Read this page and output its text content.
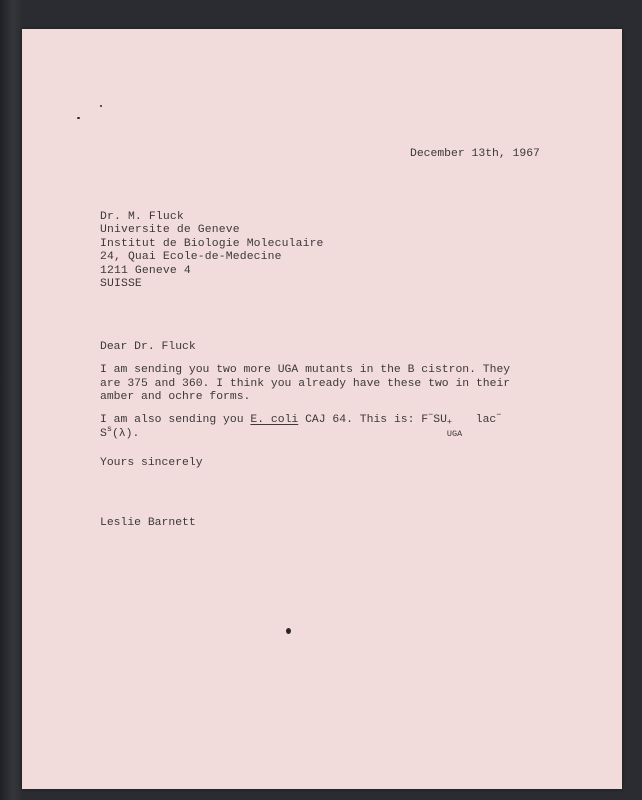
December 13th, 1967
Dr. M. Fluck
Universite de Geneve
Institut de Biologie Moleculaire
24, Quai Ecole-de-Medecine
1211 Geneve 4
SUISSE
Dear Dr. Fluck
I am sending you two more UGA mutants in the B cistron. They
are 375 and 360. I think you already have these two in their
amber and ochre forms.
I am also sending you E. coli CAJ 64. This is: F−SU +
UGA
lac−
$S^s(\lambda)$.
Yours sincerely
Leslie Barnett
